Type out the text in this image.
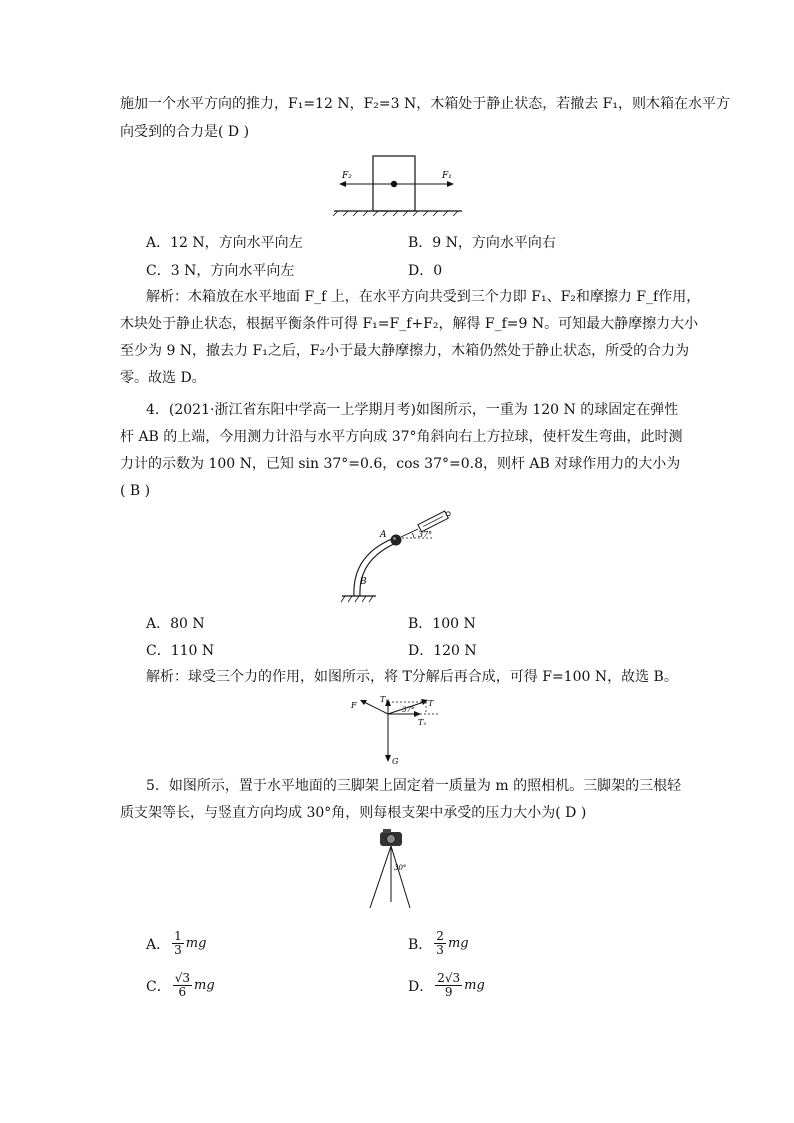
施加一个水平方向的推力，F₁=12 N，F₂=3 N，木箱处于静止状态，若撤去 F₁，则木箱在水平方
向受到的合力是( D )
F₂	F₁
A．12 N，方向水平向左	B．9 N，方向水平向右
C．3 N，方向水平向左	D．0
解析：木箱放在水平地面 F_f 上，在水平方向共受到三个力即 F₁、F₂和摩擦力 F_f作用，
木块处于静止状态，根据平衡条件可得 F₁=F_f+F₂，解得 F_f=9 N。可知最大静摩擦力大小
至少为 9 N，撤去力 F₁之后，F₂小于最大静摩擦力，木箱仍然处于静止状态，所受的合力为
零。故选 D。
4．(2021·浙江省东阳中学高一上学期月考)如图所示，一重为 120 N 的球固定在弹性
杆 AB 的上端，今用测力计沿与水平方向成 37°角斜向右上方拉球，使杆发生弯曲，此时测
力计的示数为 100 N，已知 sin 37°=0.6，cos 37°=0.8，则杆 AB 对球作用力的大小为
( B )
37°
A
B
A．80 N	B．100 N
C．110 N	D．120 N
解析：球受三个力的作用，如图所示，将 T分解后再合成，可得 F=100 N，故选 B。
F
Tᵧ	T
37°
Tₓ
G
5．如图所示，置于水平地面的三脚架上固定着一质量为 m 的照相机。三脚架的三根轻
质支架等长，与竖直方向均成 30°角，则每根支架中承受的压力大小为( D )
30°
A． $\frac{1}{3}$ mg	B． $\frac{2}{3}$ mg
C． $\frac{√3}{6}$ mg	D． $\frac{2√3}{9}$ mg
